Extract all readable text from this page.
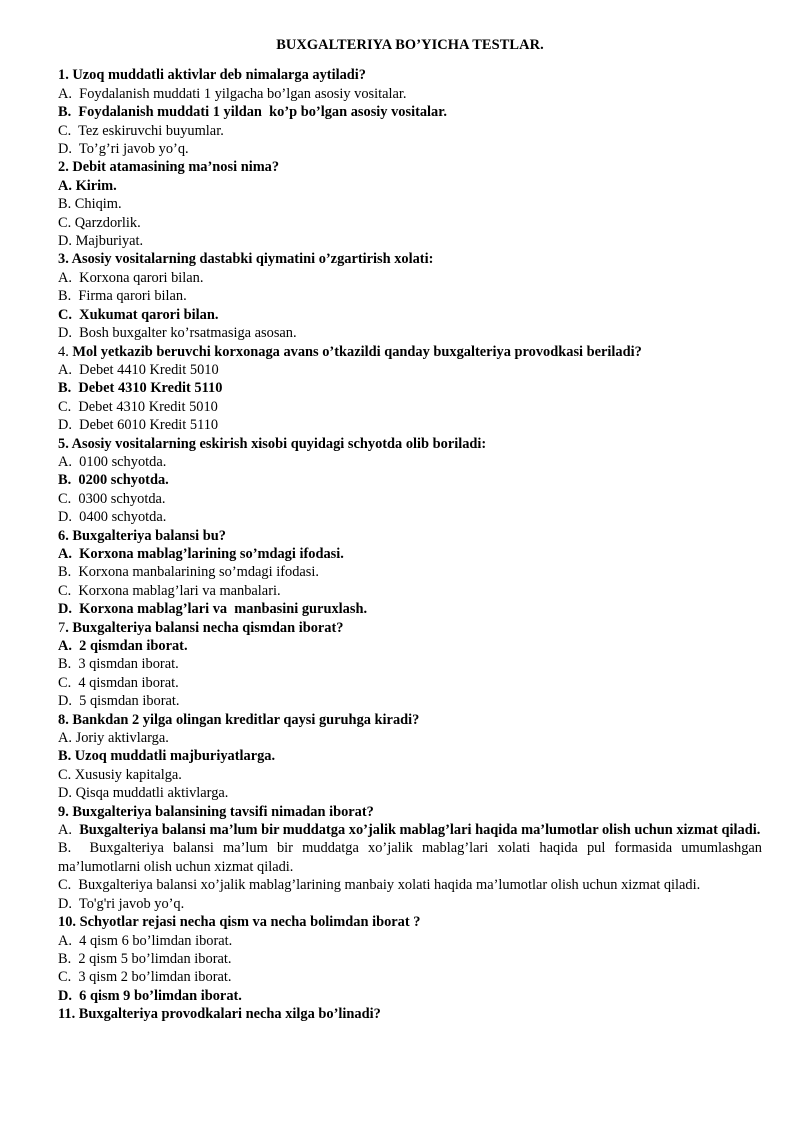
BUXGALTERIYA BO’YICHA TESTLAR.
1. Uzoq muddatli aktivlar deb nimalarga aytiladi?
A.  Foydalanish muddati 1 yilgacha bo’lgan asosiy vositalar.
B.  Foydalanish muddati 1 yildan  ko’p bo’lgan asosiy vositalar.
C.  Tez eskiruvchi buyumlar.
D.  To’g’ri javob yo’q.
2. Debit atamasining ma’nosi nima?
A. Kirim.
B. Chiqim.
C. Qarzdorlik.
D. Majburiyat.
3. Asosiy vositalarning dastabki qiymatini o’zgartirish xolati:
A.  Korxona qarori bilan.
B.  Firma qarori bilan.
C.  Xukumat qarori bilan.
D.  Bosh buxgalter ko’rsatmasiga asosan.
4. Mol yetkazib beruvchi korxonaga avans o’tkazildi qanday buxgalteriya provodkasi beriladi?
A.  Debet 4410 Kredit 5010
B.  Debet 4310 Kredit 5110
C.  Debet 4310 Kredit 5010
D.  Debet 6010 Kredit 5110
5. Asosiy vositalarning eskirish xisobi quyidagi schyotda olib boriladi:
A.  0100 schyotda.
B.  0200 schyotda.
C.  0300 schyotda.
D.  0400 schyotda.
6. Buxgalteriya balansi bu?
A.  Korxona mablag’larining so’mdagi ifodasi.
B.  Korxona manbalarining so’mdagi ifodasi.
C.  Korxona mablag’lari va manbalari.
D.  Korxona mablag’lari va  manbasini guruxlash.
7. Buxgalteriya balansi necha qismdan iborat?
A.  2 qismdan iborat.
B.  3 qismdan iborat.
C.  4 qismdan iborat.
D.  5 qismdan iborat.
8. Bankdan 2 yilga olingan kreditlar qaysi guruhga kiradi?
A. Joriy aktivlarga.
B. Uzoq muddatli majburiyatlarga.
C. Xususiy kapitalga.
D. Qisqa muddatli aktivlarga.
9. Buxgalteriya balansining tavsifi nimadan iborat?
A.  Buxgalteriya balansi ma’lum bir muddatga xo’jalik mablag’lari haqida ma’lumotlar olish uchun xizmat qiladi.
B.  Buxgalteriya balansi ma’lum bir muddatga xo’jalik mablag’lari xolati haqida pul formasida umumlashgan ma’lumotlarni olish uchun xizmat qiladi.
C.  Buxgalteriya balansi xo’jalik mablag’larining manbaiy xolati haqida ma’lumotlar olish uchun xizmat qiladi.
D.  To'g'ri javob yo’q.
10. Schyotlar rejasi necha qism va necha bolimdan iborat ?
A.  4 qism 6 bo’limdan iborat.
B.  2 qism 5 bo’limdan iborat.
C.  3 qism 2 bo’limdan iborat.
D.  6 qism 9 bo’limdan iborat.
11. Buxgalteriya provodkalari necha xilga bo’linadi?
